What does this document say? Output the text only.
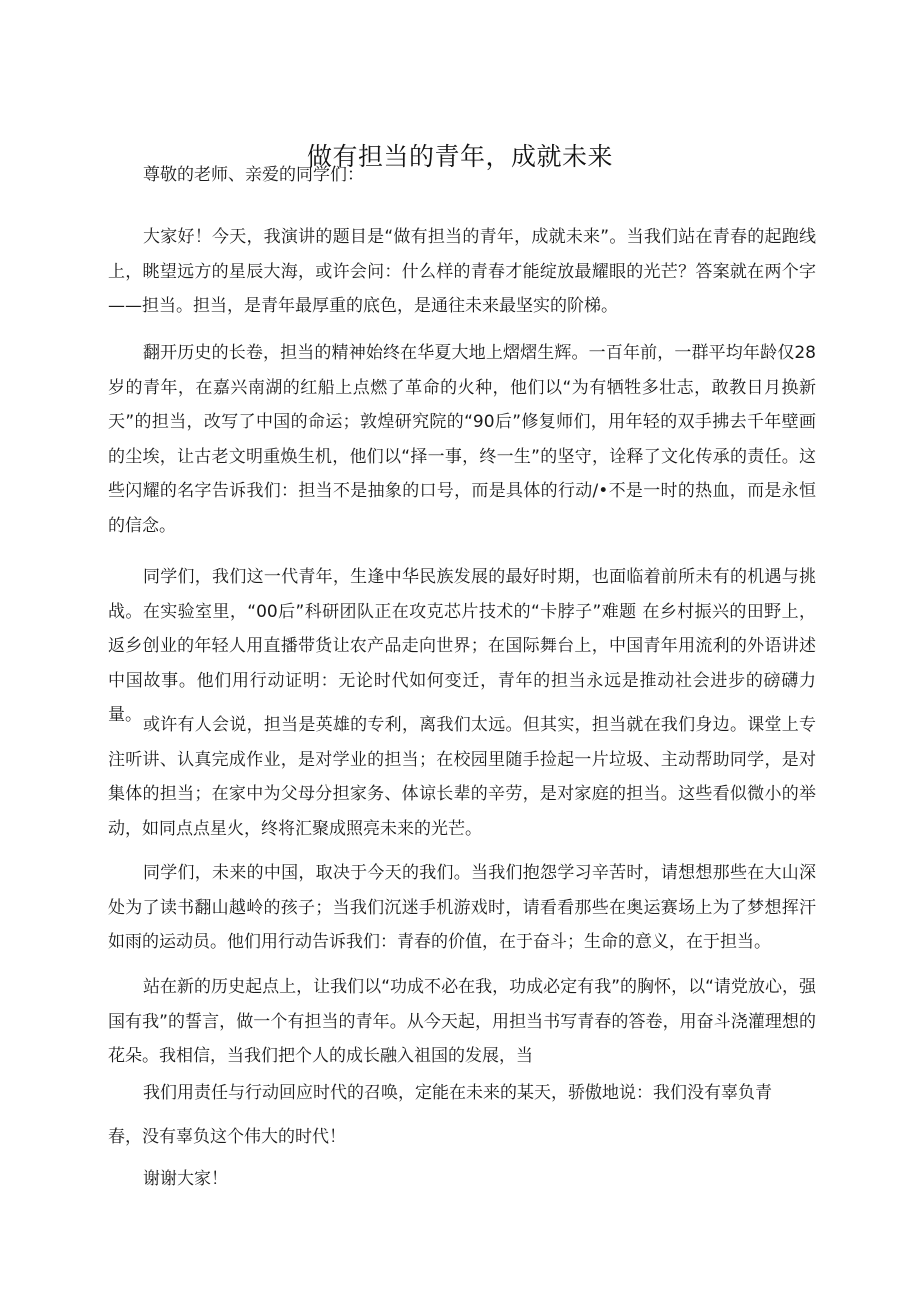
做有担当的青年，成就未来

尊敬的老师、亲爱的同学们：

大家好！今天，我演讲的题目是“做有担当的青年，成就未来”。当我们站在青春的起跑线上，眺望远方的星辰大海，或许会问：什么样的青春才能绽放最耀眼的光芒？答案就在两个字——担当。担当，是青年最厚重的底色，是通往未来最坚实的阶梯。

翻开历史的长卷，担当的精神始终在华夏大地上熠熠生辉。一百年前，一群平均年龄仅28岁的青年，在嘉兴南湖的红船上点燃了革命的火种，他们以“为有牺牲多壮志，敢教日月换新天”的担当，改写了中国的命运；敦煌研究院的“90后”修复师们，用年轻的双手拂去千年壁画的尘埃，让古老文明重焕生机，他们以“择一事，终一生”的坚守，诠释了文化传承的责任。这些闪耀的名字告诉我们：担当不是抽象的口号，而是具体的行动/•不是一时的热血，而是永恒的信念。

同学们，我们这一代青年，生逢中华民族发展的最好时期，也面临着前所未有的机遇与挑战。在实验室里，“00后”科研团队正在攻克芯片技术的“卡脖子”难题 在乡村振兴的田野上，返乡创业的年轻人用直播带货让农产品走向世界；在国际舞台上，中国青年用流利的外语讲述中国故事。他们用行动证明：无论时代如何变迁，青年的担当永远是推动社会进步的磅礴力量。 或许有人会说，担当是英雄的专利，离我们太远。但其实，担当就在我们身边。课堂上专注听讲、认真完成作业，是对学业的担当；在校园里随手捡起一片垃圾、主动帮助同学，是对集体的担当；在家中为父母分担家务、体谅长辈的辛劳，是对家庭的担当。这些看似微小的举动，如同点点星火，终将汇聚成照亮未来的光芒。

同学们，未来的中国，取决于今天的我们。当我们抱怨学习辛苦时，请想想那些在大山深处为了读书翻山越岭的孩子；当我们沉迷手机游戏时，请看看那些在奥运赛场上为了梦想挥汗如雨的运动员。他们用行动告诉我们：青春的价值，在于奋斗；生命的意义，在于担当。

站在新的历史起点上，让我们以“功成不必在我，功成必定有我”的胸怀，以“请党放心，强国有我”的誓言，做一个有担当的青年。从今天起，用担当书写青春的答卷，用奋斗浇灌理想的花朵。我相信，当我们把个人的成长融入祖国的发展，当

我们用责任与行动回应时代的召唤，定能在未来的某天，骄傲地说：我们没有辜负青

春，没有辜负这个伟大的时代！

谢谢大家！
